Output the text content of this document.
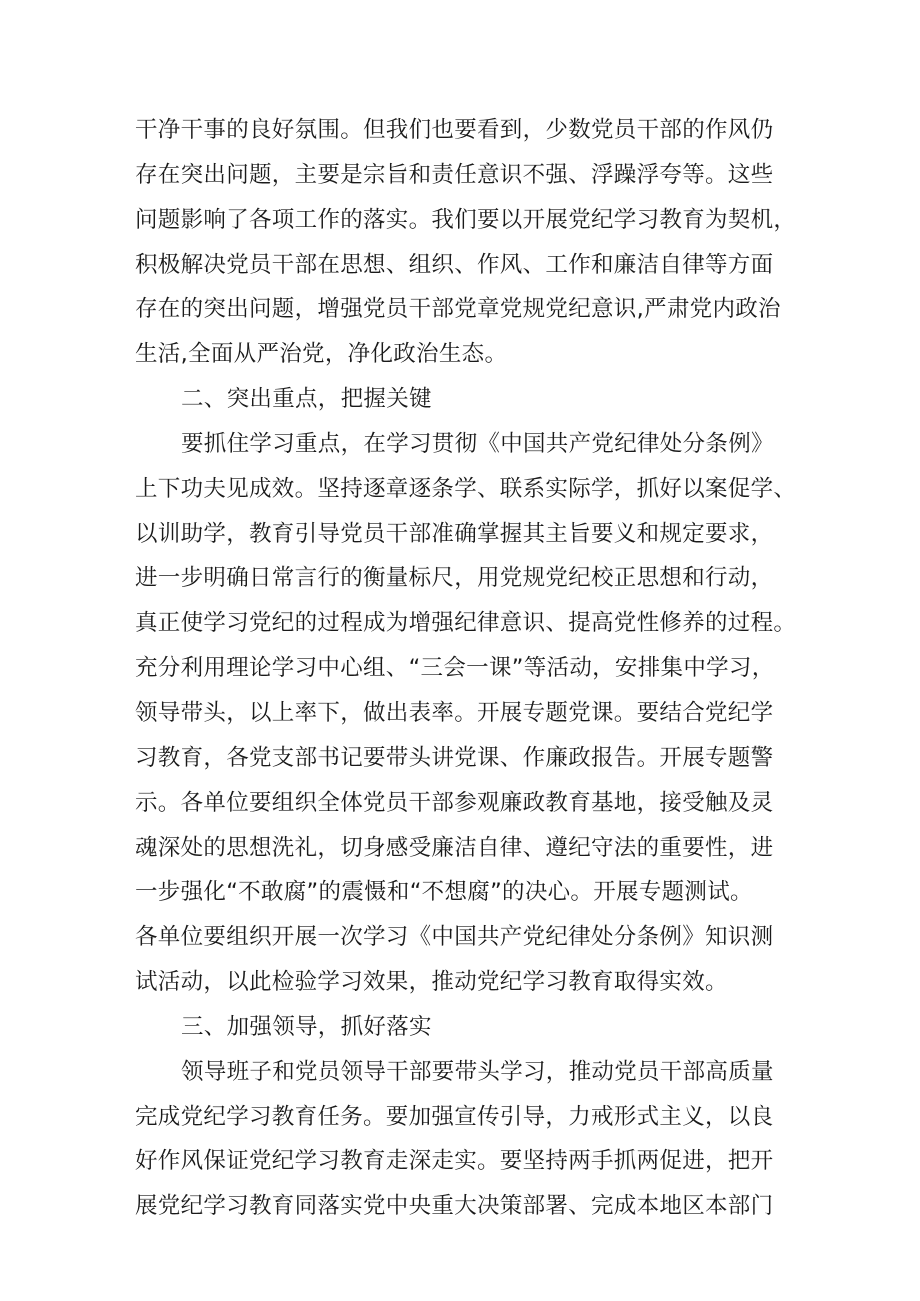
干净干事的良好氛围。但我们也要看到，少数党员干部的作风仍
存在突出问题，主要是宗旨和责任意识不强、浮躁浮夸等。这些
问题影响了各项工作的落实。我们要以开展党纪学习教育为契机，
积极解决党员干部在思想、组织、作风、工作和廉洁自律等方面
存在的突出问题，增强党员干部党章党规党纪意识,严肃党内政治
生活,全面从严治党，净化政治生态。
二、突出重点，把握关键
要抓住学习重点，在学习贯彻《中国共产党纪律处分条例》
上下功夫见成效。坚持逐章逐条学、联系实际学，抓好以案促学、
以训助学，教育引导党员干部准确掌握其主旨要义和规定要求，
进一步明确日常言行的衡量标尺，用党规党纪校正思想和行动，
真正使学习党纪的过程成为增强纪律意识、提高党性修养的过程。
充分利用理论学习中心组、“三会一课”等活动，安排集中学习，
领导带头，以上率下，做出表率。开展专题党课。要结合党纪学
习教育，各党支部书记要带头讲党课、作廉政报告。开展专题警
示。各单位要组织全体党员干部参观廉政教育基地，接受触及灵
魂深处的思想洗礼，切身感受廉洁自律、遵纪守法的重要性，进
一步强化“不敢腐”的震慑和“不想腐”的决心。开展专题测试。
各单位要组织开展一次学习《中国共产党纪律处分条例》知识测
试活动，以此检验学习效果，推动党纪学习教育取得实效。
三、加强领导，抓好落实
领导班子和党员领导干部要带头学习，推动党员干部高质量
完成党纪学习教育任务。要加强宣传引导，力戒形式主义，以良
好作风保证党纪学习教育走深走实。要坚持两手抓两促进，把开
展党纪学习教育同落实党中央重大决策部署、完成本地区本部门
